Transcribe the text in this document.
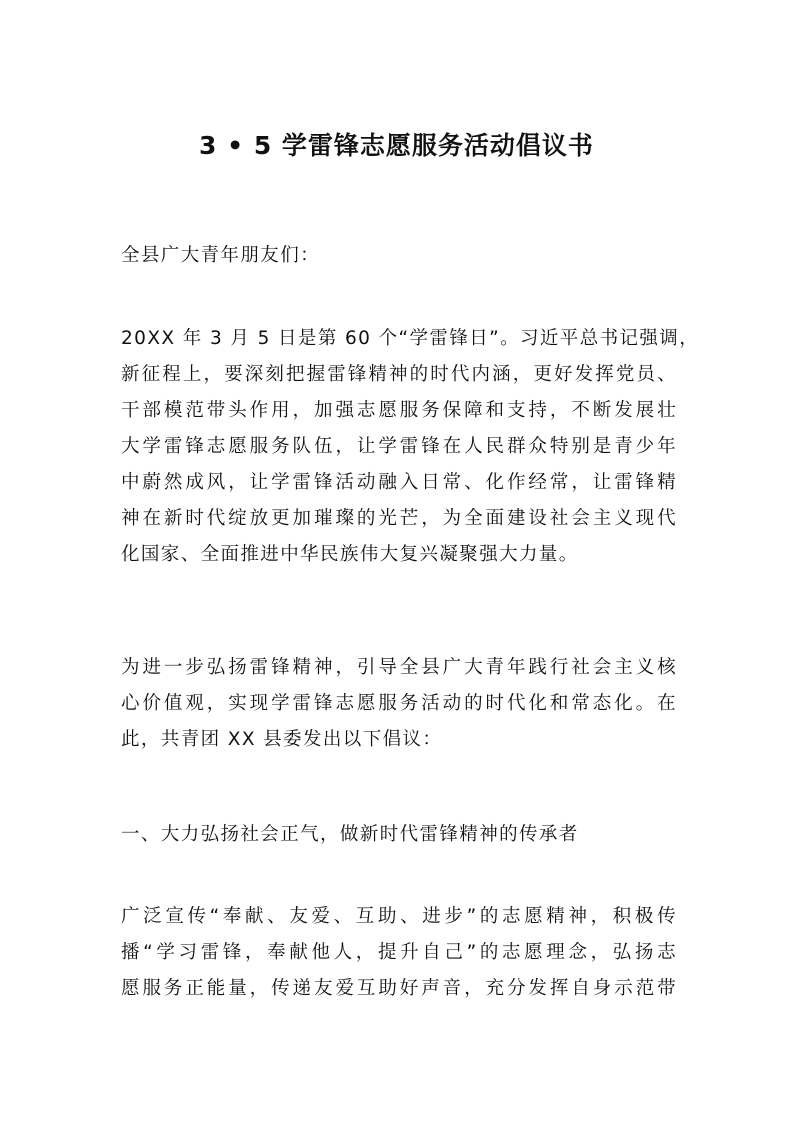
3 • 5 学雷锋志愿服务活动倡议书

全县广大青年朋友们：

20XX 年 3 月 5 日是第 60 个“学雷锋日”。习近平总书记强调，
新征程上，要深刻把握雷锋精神的时代内涵，更好发挥党员、
干部模范带头作用，加强志愿服务保障和支持，不断发展壮
大学雷锋志愿服务队伍，让学雷锋在人民群众特别是青少年
中蔚然成风，让学雷锋活动融入日常、化作经常，让雷锋精
神在新时代绽放更加璀璨的光芒，为全面建设社会主义现代
化国家、全面推进中华民族伟大复兴凝聚强大力量。

为进一步弘扬雷锋精神，引导全县广大青年践行社会主义核
心价值观，实现学雷锋志愿服务活动的时代化和常态化。在
此，共青团 XX 县委发出以下倡议：

一、大力弘扬社会正气，做新时代雷锋精神的传承者

广泛宣传“奉献、友爱、互助、进步”的志愿精神，积极传
播“学习雷锋，奉献他人，提升自己”的志愿理念，弘扬志
愿服务正能量，传递友爱互助好声音，充分发挥自身示范带
